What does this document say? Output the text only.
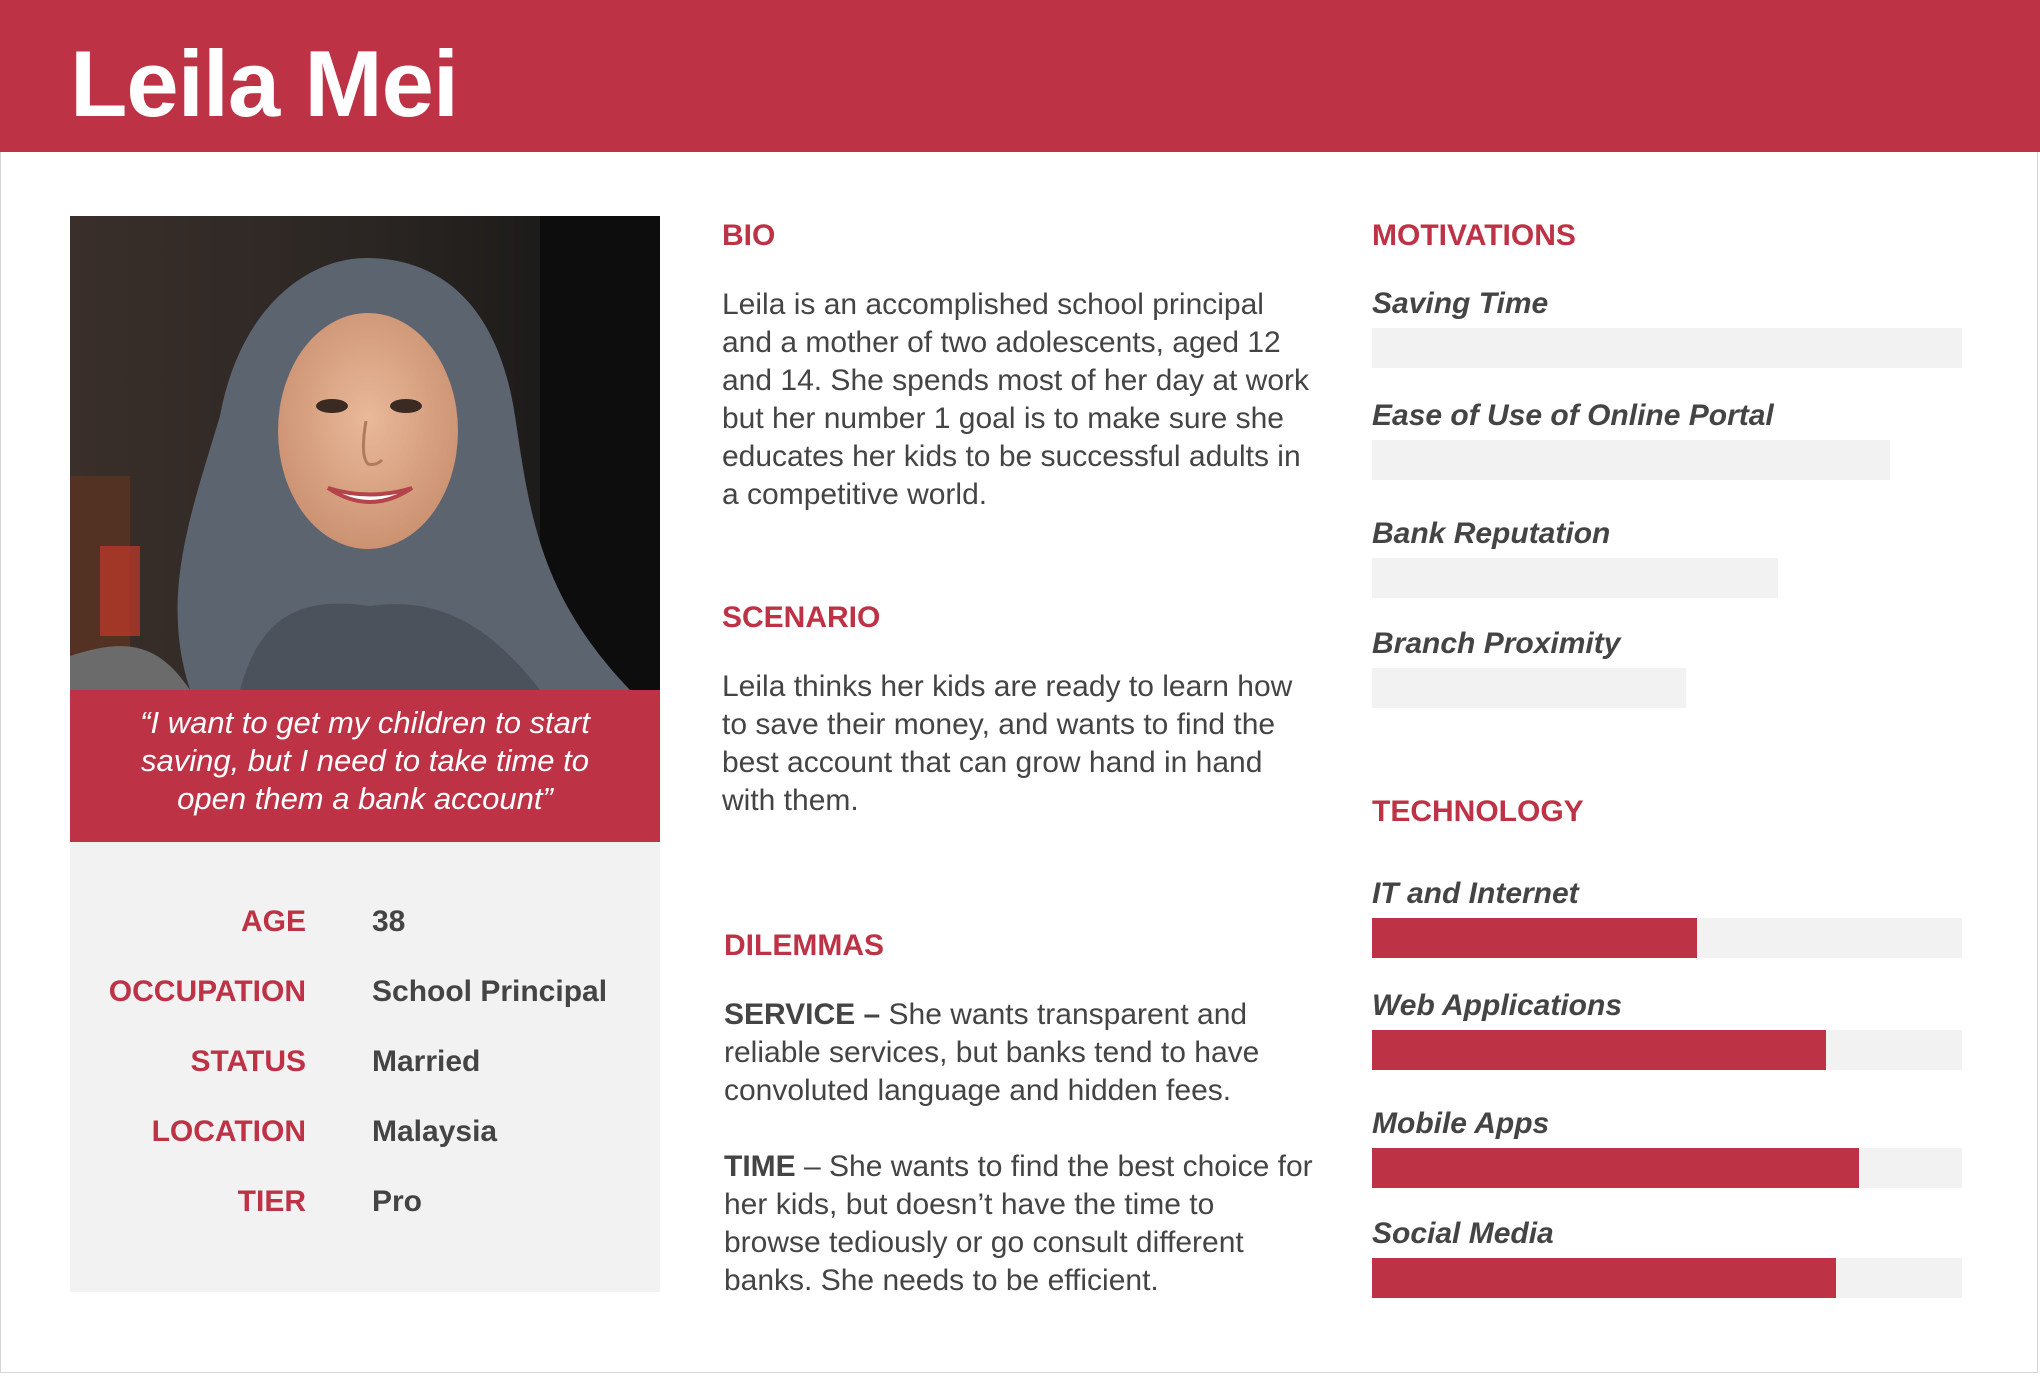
Leila Mei
“I want to get my children to start saving, but I need to take time to open them a bank account”
AGE 38
OCCUPATION School Principal
STATUS Married
LOCATION Malaysia
TIER Pro
BIO

Leila is an accomplished school principal and a mother of two adolescents, aged 12 and 14. She spends most of her day at work but her number 1 goal is to make sure she educates her kids to be successful adults in a competitive world.

SCENARIO

Leila thinks her kids are ready to learn how to save their money, and wants to find the best account that can grow hand in hand with them.

DILEMMAS

SERVICE – She wants transparent and reliable services, but banks tend to have convoluted language and hidden fees.

TIME – She wants to find the best choice for her kids, but doesn’t have the time to browse tediously or go consult different banks. She needs to be efficient.

MOTIVATIONS
Saving Time
Ease of Use of Online Portal
Bank Reputation
Branch Proximity
TECHNOLOGY
IT and Internet
Web Applications
Mobile Apps
Social Media
